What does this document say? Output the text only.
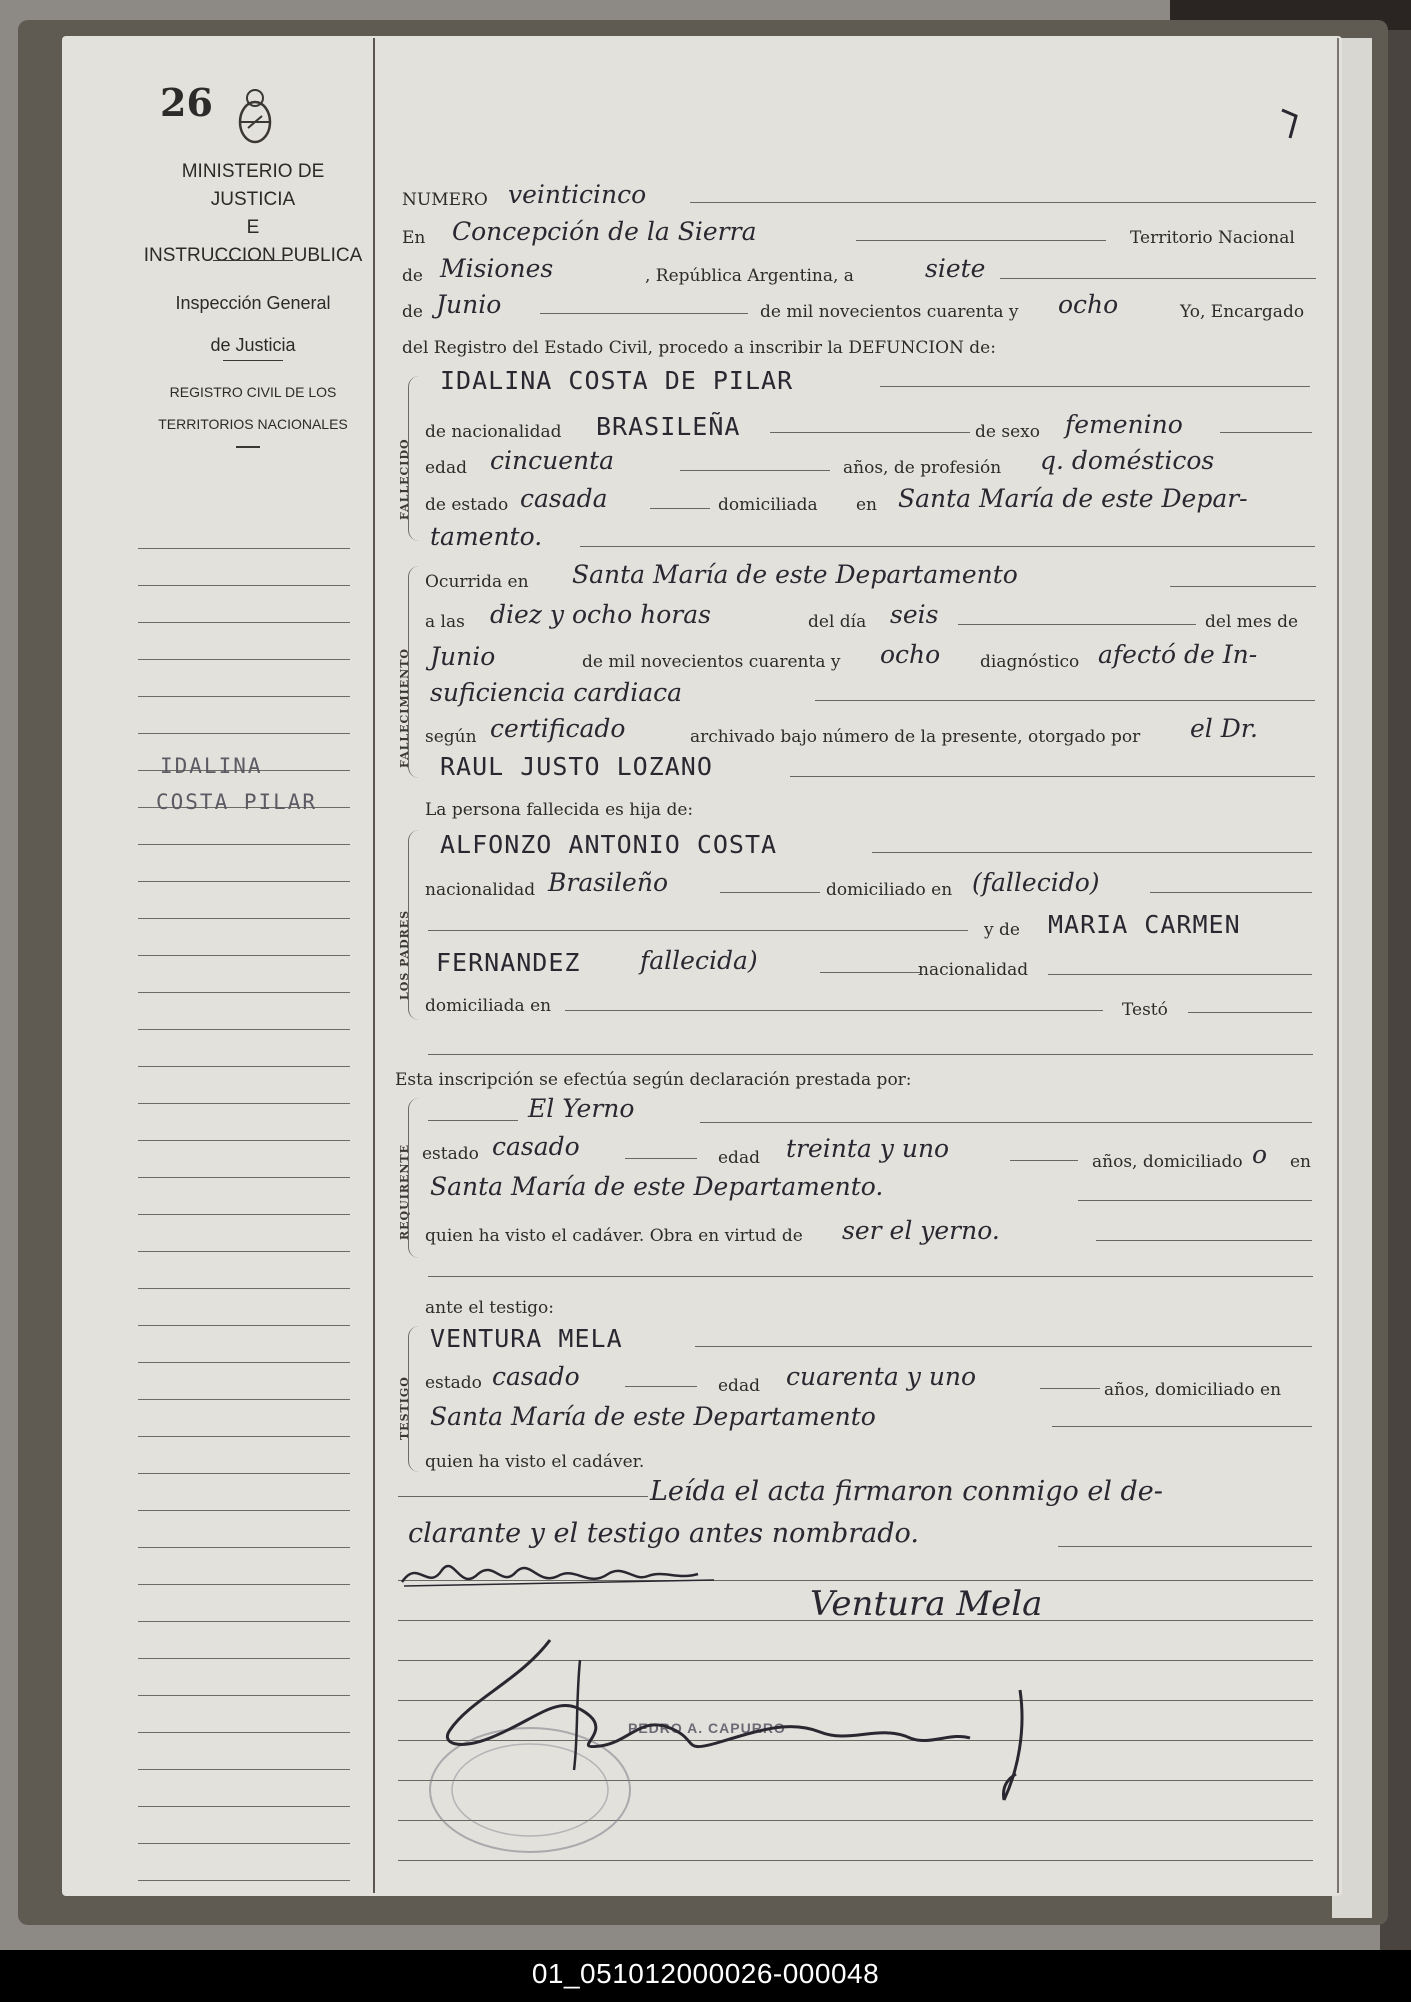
26
MINISTERIO DE JUSTICIA
E
INSTRUCCION PUBLICA
Inspección General
de Justicia
REGISTRO CIVIL DE LOS
TERRITORIOS NACIONALES
IDALINA
COSTA PILAR
NUMERO veinticinco
En Concepción de la Sierra	Territorio Nacional
de Misiones	, República Argentina, a	siete
de Junio	de mil novecientos cuarenta y ocho	Yo, Encargado
del Registro del Estado Civil, procedo a inscribir la DEFUNCION de:
FALLECIDO
IDALINA COSTA DE PILAR
de nacionalidad BRASILEÑA	de sexo femenino
edad cincuenta	años, de profesión q. domésticos
de estado casada	domiciliada en Santa María de este Depar-
tamento.
FALLECIMIENTO
Ocurrida en Santa María de este Departamento
a las diez y ocho horas	del día seis	del mes de
Junio	de mil novecientos cuarenta y ocho diagnóstico afectó de In-
suficiencia cardiaca
según certificado	archivado bajo número de la presente, otorgado por el Dr.
RAUL JUSTO LOZANO
La persona fallecida es hija de:
LOS PADRES
ALFONZO ANTONIO COSTA
nacionalidad Brasileño	domiciliado en (fallecido)
y de MARIA CARMEN
FERNANDEZ fallecida)	nacionalidad
domiciliada en	Testó
Esta inscripción se efectúa según declaración prestada por:
REQUIRENTE
El Yerno
estado casado	edad treinta y uno	años, domiciliado o en
Santa María de este Departamento.
quien ha visto el cadáver. Obra en virtud de ser el yerno.
ante el testigo:
TESTIGO
VENTURA MELA
estado casado	edad cuarenta y uno	años, domiciliado en
Santa María de este Departamento
quien ha visto el cadáver.
Leída el acta firmaron conmigo el de-
clarante y el testigo antes nombrado.
Ventura Mela
PEDRO A. CAPURRO
01_051012000026-000048
